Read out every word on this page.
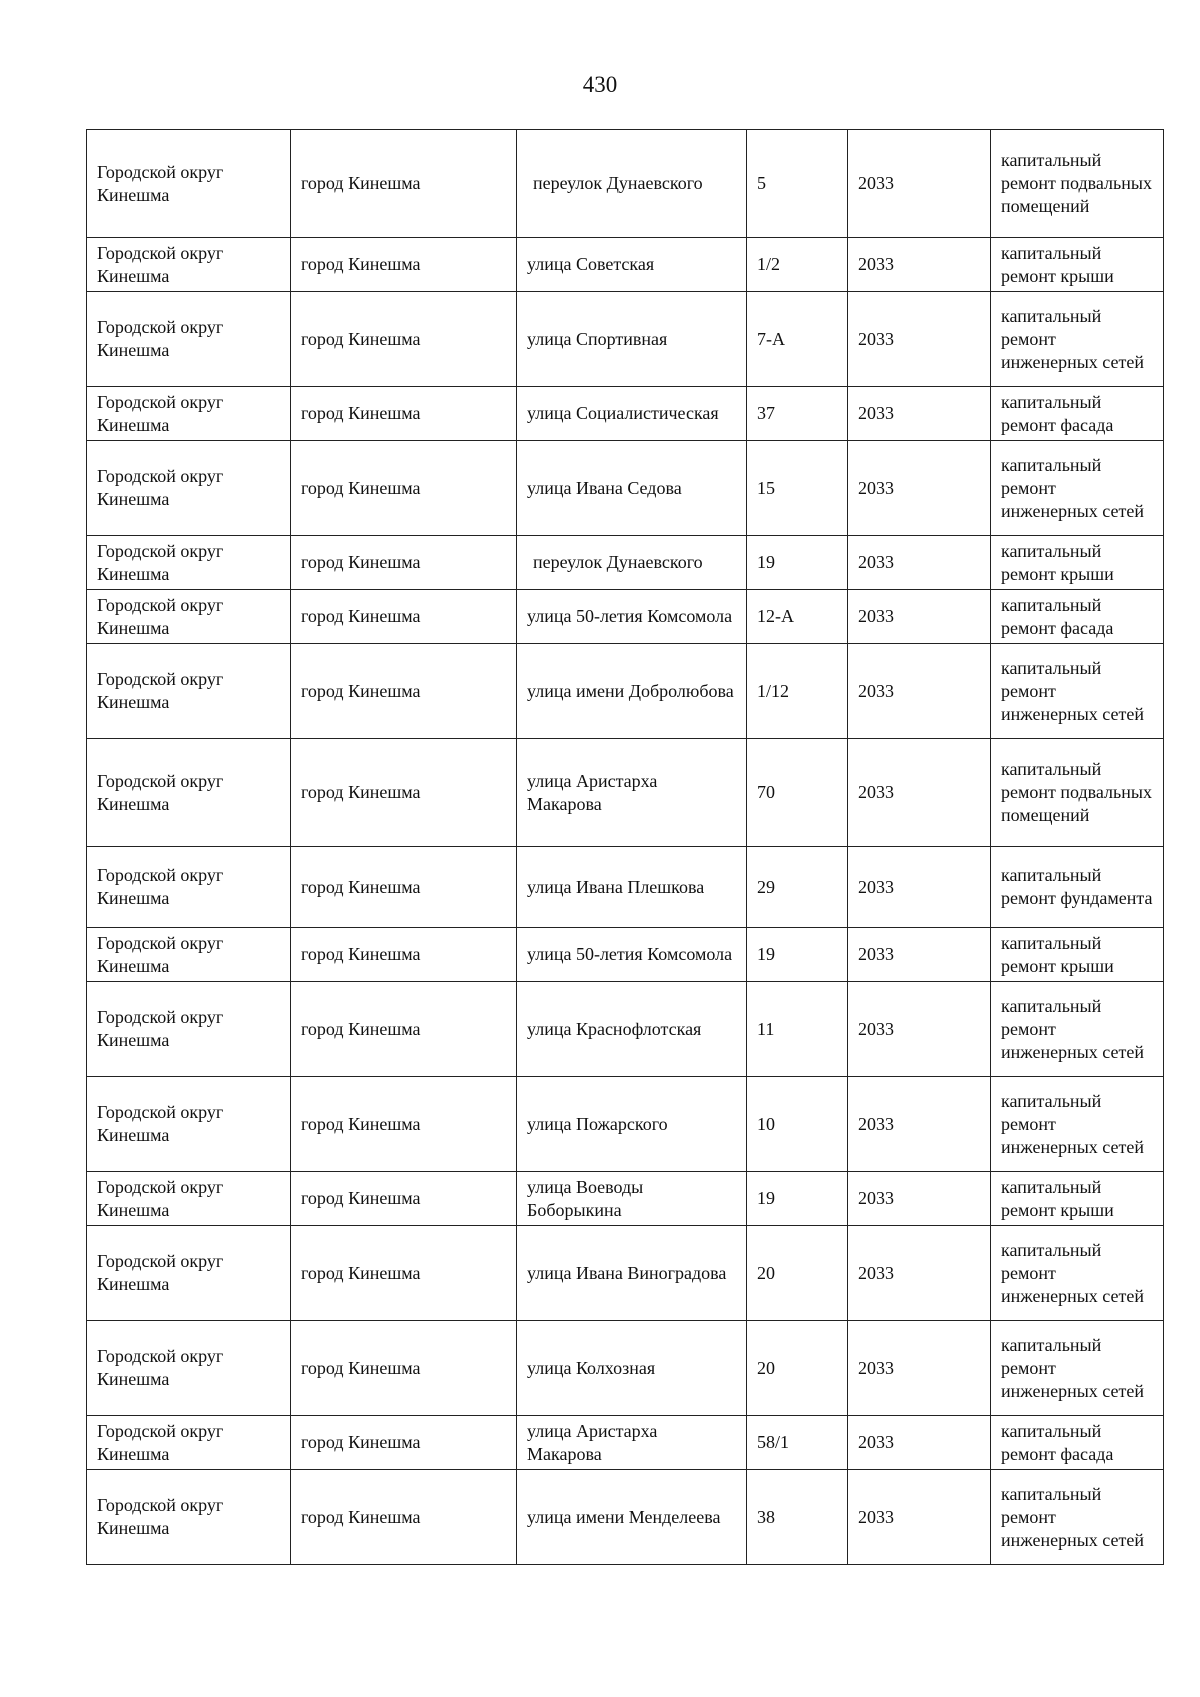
430
Городской округ Кинешма	город Кинешма	переулок Дунаевского	5	2033	капитальный ремонт подвальных помещений
Городской округ Кинешма	город Кинешма	улица Советская	1/2	2033	капитальный ремонт крыши
Городской округ Кинешма	город Кинешма	улица Спортивная	7-А	2033	капитальный ремонт инженерных сетей
Городской округ Кинешма	город Кинешма	улица Социалистическая	37	2033	капитальный ремонт фасада
Городской округ Кинешма	город Кинешма	улица Ивана Седова	15	2033	капитальный ремонт инженерных сетей
Городской округ Кинешма	город Кинешма	переулок Дунаевского	19	2033	капитальный ремонт крыши
Городской округ Кинешма	город Кинешма	улица 50-летия Комсомола	12-А	2033	капитальный ремонт фасада
Городской округ Кинешма	город Кинешма	улица имени Добролюбова	1/12	2033	капитальный ремонт инженерных сетей
Городской округ Кинешма	город Кинешма	улица Аристарха Макарова	70	2033	капитальный ремонт подвальных помещений
Городской округ Кинешма	город Кинешма	улица Ивана Плешкова	29	2033	капитальный ремонт фундамента
Городской округ Кинешма	город Кинешма	улица 50-летия Комсомола	19	2033	капитальный ремонт крыши
Городской округ Кинешма	город Кинешма	улица Краснофлотская	11	2033	капитальный ремонт инженерных сетей
Городской округ Кинешма	город Кинешма	улица Пожарского	10	2033	капитальный ремонт инженерных сетей
Городской округ Кинешма	город Кинешма	улица Воеводы Боборыкина	19	2033	капитальный ремонт крыши
Городской округ Кинешма	город Кинешма	улица Ивана Виноградова	20	2033	капитальный ремонт инженерных сетей
Городской округ Кинешма	город Кинешма	улица Колхозная	20	2033	капитальный ремонт инженерных сетей
Городской округ Кинешма	город Кинешма	улица Аристарха Макарова	58/1	2033	капитальный ремонт фасада
Городской округ Кинешма	город Кинешма	улица имени Менделеева	38	2033	капитальный ремонт инженерных сетей
